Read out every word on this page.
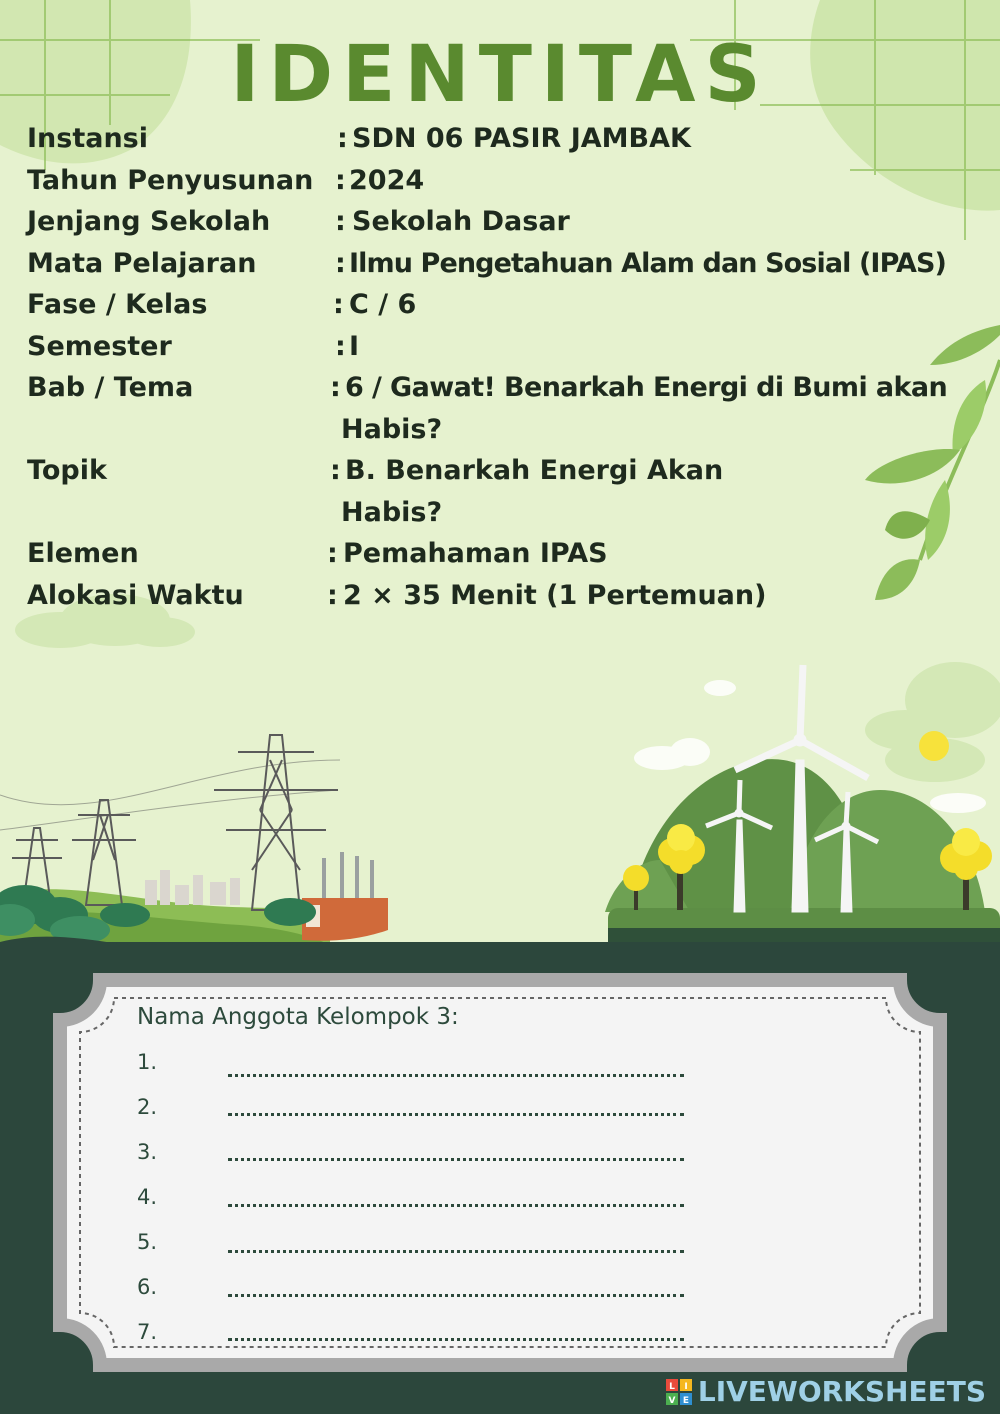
IDENTITAS
Instansi	: SDN 06 PASIR JAMBAK
Tahun Penyusunan : 2024
Jenjang Sekolah : Sekolah Dasar
Mata Pelajaran	: Ilmu Pengetahuan Alam dan Sosial (IPAS)
Fase / Kelas	: C / 6
Semester	: I
Bab / Tema	: 6 / Gawat! Benarkah Energi di Bumi akan
Habis?
Topik	: B. Benarkah Energi Akan
Habis?
Elemen	: Pemahaman IPAS
Alokasi Waktu	: 2 × 35 Menit (1 Pertemuan)
Nama Anggota Kelompok 3:
1.
2.
3.
4.
5.
6.
7.
L I
V E LIVEWORKSHEETS
